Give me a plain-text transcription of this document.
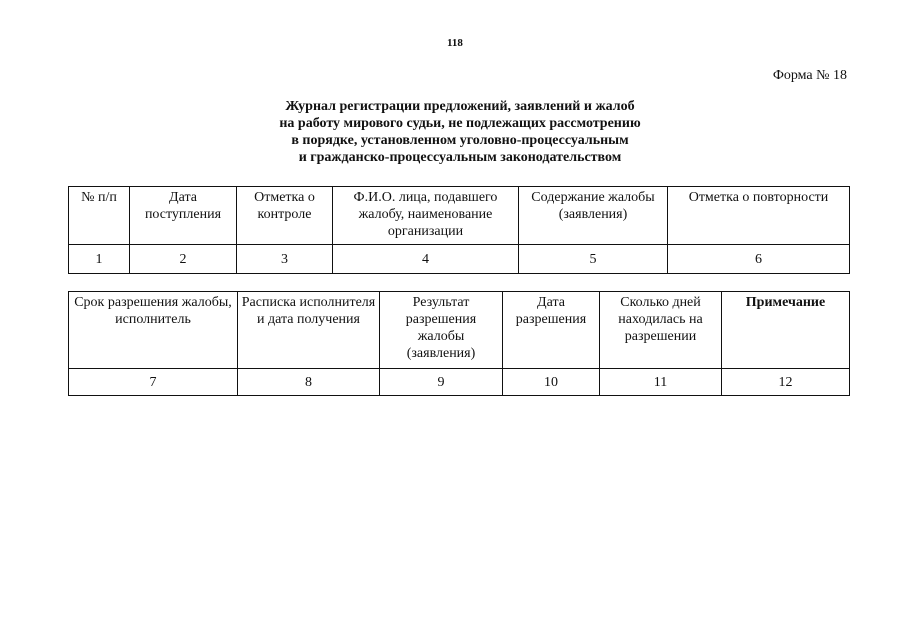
118
Форма № 18
Журнал регистрации предложений, заявлений и жалоб
на работу мирового судьи, не подлежащих рассмотрению
в порядке, установленном уголовно-процессуальным
и гражданско-процессуальным законодательством
№ п/п	Дата поступления	Отметка о контроле	Ф.И.О. лица, подавшего жалобу, наименование организации	Содержание жалобы (заявления)	Отметка о повторности
1	2	3	4	5	6
Срок разрешения жалобы, исполнитель	Расписка исполнителя и дата получения	Результат разрешения жалобы (заявления)	Дата разрешения	Сколько дней находилась на разрешении	Примечание
7	8	9	10	11	12
